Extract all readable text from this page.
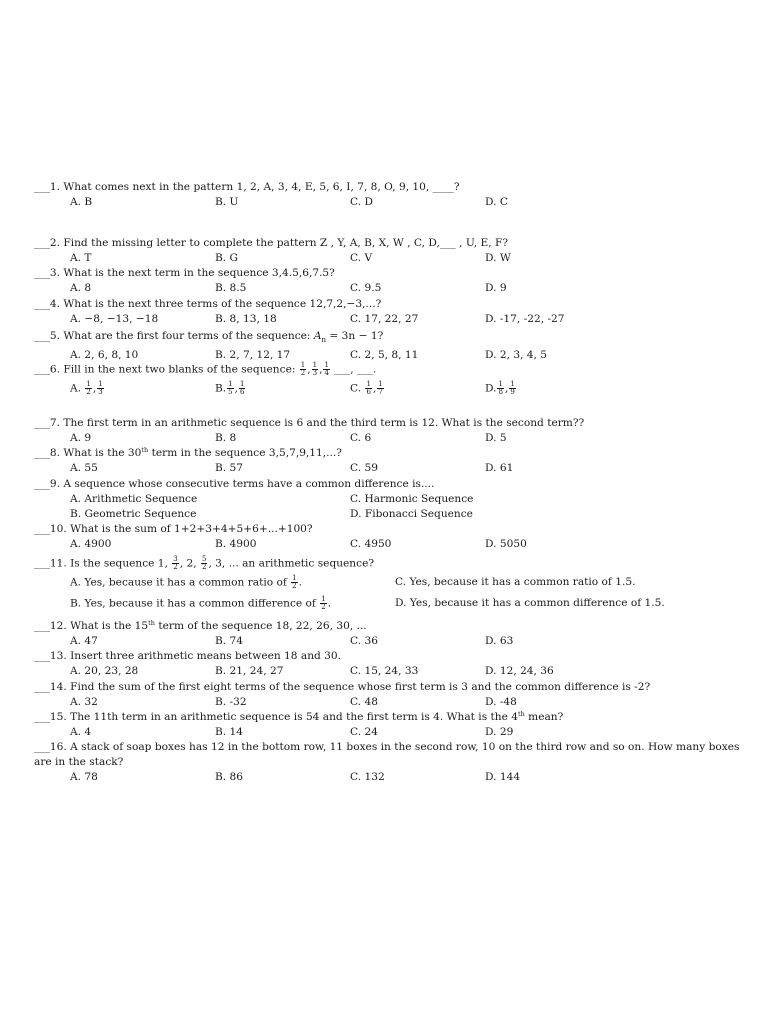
___1. What comes next in the pattern 1, 2, A, 3, 4, E, 5, 6, I, 7, 8, O, 9, 10, ____?
A. B	B. U	C. D	D. C
___2. Find the missing letter to complete the pattern Z , Y, A, B, X, W , C, D,___ , U, E, F?
A. T	B. G	C. V	D. W
___3. What is the next term in the sequence 3,4.5,6,7.5?
A. 8	B. 8.5	C. 9.5	D. 9
___4. What is the next three terms of the sequence 12,7,2,−3,...?
A. −8, −13, −18	B. 8, 13, 18	C. 17, 22, 27	D. -17, -22, -27
___5. What are the first four terms of the sequence: $A_n = 3n - 1$?
A. 2, 6, 8, 10	B. 2, 7, 12, 17	C. 2, 5, 8, 11	D. 2, 3, 4, 5
___6. Fill in the next two blanks of the sequence: $\frac{1}{2}$ , $\frac{1}{3}$ , $\frac{1}{4}$ ___, ___.
A. $\frac{1}{2}$ , $\frac{1}{3}$	B. $\frac{1}{5}$ , $\frac{1}{6}$	C. $\frac{1}{6}$ , $\frac{1}{7}$	D. $\frac{1}{8}$ , $\frac{1}{9}$
___7. The first term in an arithmetic sequence is 6 and the third term is 12. What is the second term??
A. 9	B. 8	C. 6	D. 5
___8. What is the 30th term in the sequence 3,5,7,9,11,...?
A. 55	B. 57	C. 59	D. 61
___9. A sequence whose consecutive terms have a common difference is....
A. Arithmetic Sequence	C. Harmonic Sequence
B. Geometric Sequence	D. Fibonacci Sequence
___10. What is the sum of 1+2+3+4+5+6+...+100?
A. 4900	B. 4900	C. 4950	D. 5050
___11. Is the sequence 1, $\frac{3}{2}$ , 2, $\frac{5}{2}$ , 3, ... an arithmetic sequence?
A. Yes, because it has a common ratio of $\frac{1}{2}$ .	C. Yes, because it has a common ratio of 1.5.
B. Yes, because it has a common difference of $\frac{1}{2}$ .	D. Yes, because it has a common difference of 1.5.
___12. What is the 15th term of the sequence 18, 22, 26, 30, ...
A. 47	B. 74	C. 36	D. 63
___13. Insert three arithmetic means between 18 and 30.
A. 20, 23, 28	B. 21, 24, 27	C. 15, 24, 33	D. 12, 24, 36
___14. Find the sum of the first eight terms of the sequence whose first term is 3 and the common difference is -2?
A. 32	B. -32	C. 48	D. -48
___15. The 11th term in an arithmetic sequence is 54 and the first term is 4. What is the 4th mean?
A. 4	B. 14	C. 24	D. 29
___16. A stack of soap boxes has 12 in the bottom row, 11 boxes in the second row, 10 on the third row and so on. How many boxes are in the stack?
A. 78	B. 86	C. 132	D. 144
